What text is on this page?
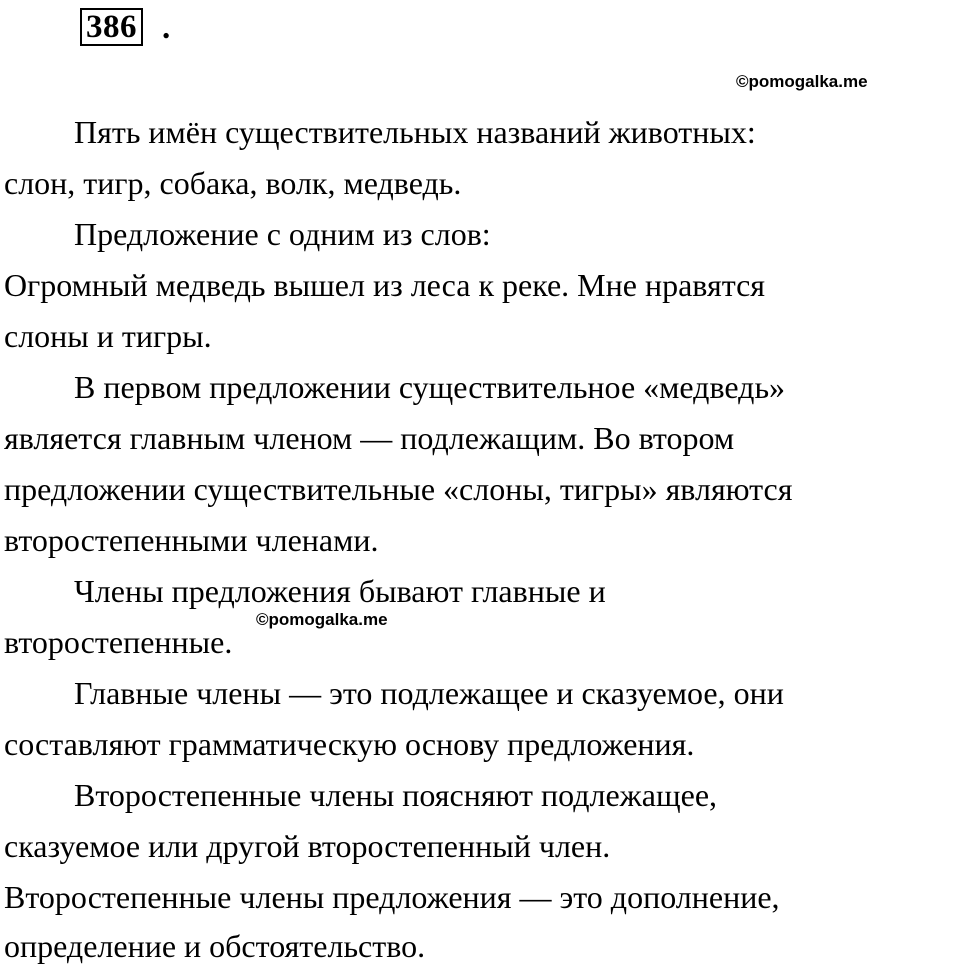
386 .
©pomogalka.me
Пять имён существительных названий животных:
слон, тигр, собака, волк, медведь.
Предложение с одним из слов:
Огромный медведь вышел из леса к реке. Мне нравятся
слоны и тигры.
В первом предложении существительное «медведь»
является главным членом — подлежащим. Во втором
предложении существительные «слоны, тигры» являются
второстепенными членами.
Члены предложения бывают главные и
второстепенные.
Главные члены — это подлежащее и сказуемое, они
составляют грамматическую основу предложения.
Второстепенные члены поясняют подлежащее,
сказуемое или другой второстепенный член.
Второстепенные члены предложения — это дополнение,
определение и обстоятельство.
©pomogalka.me
